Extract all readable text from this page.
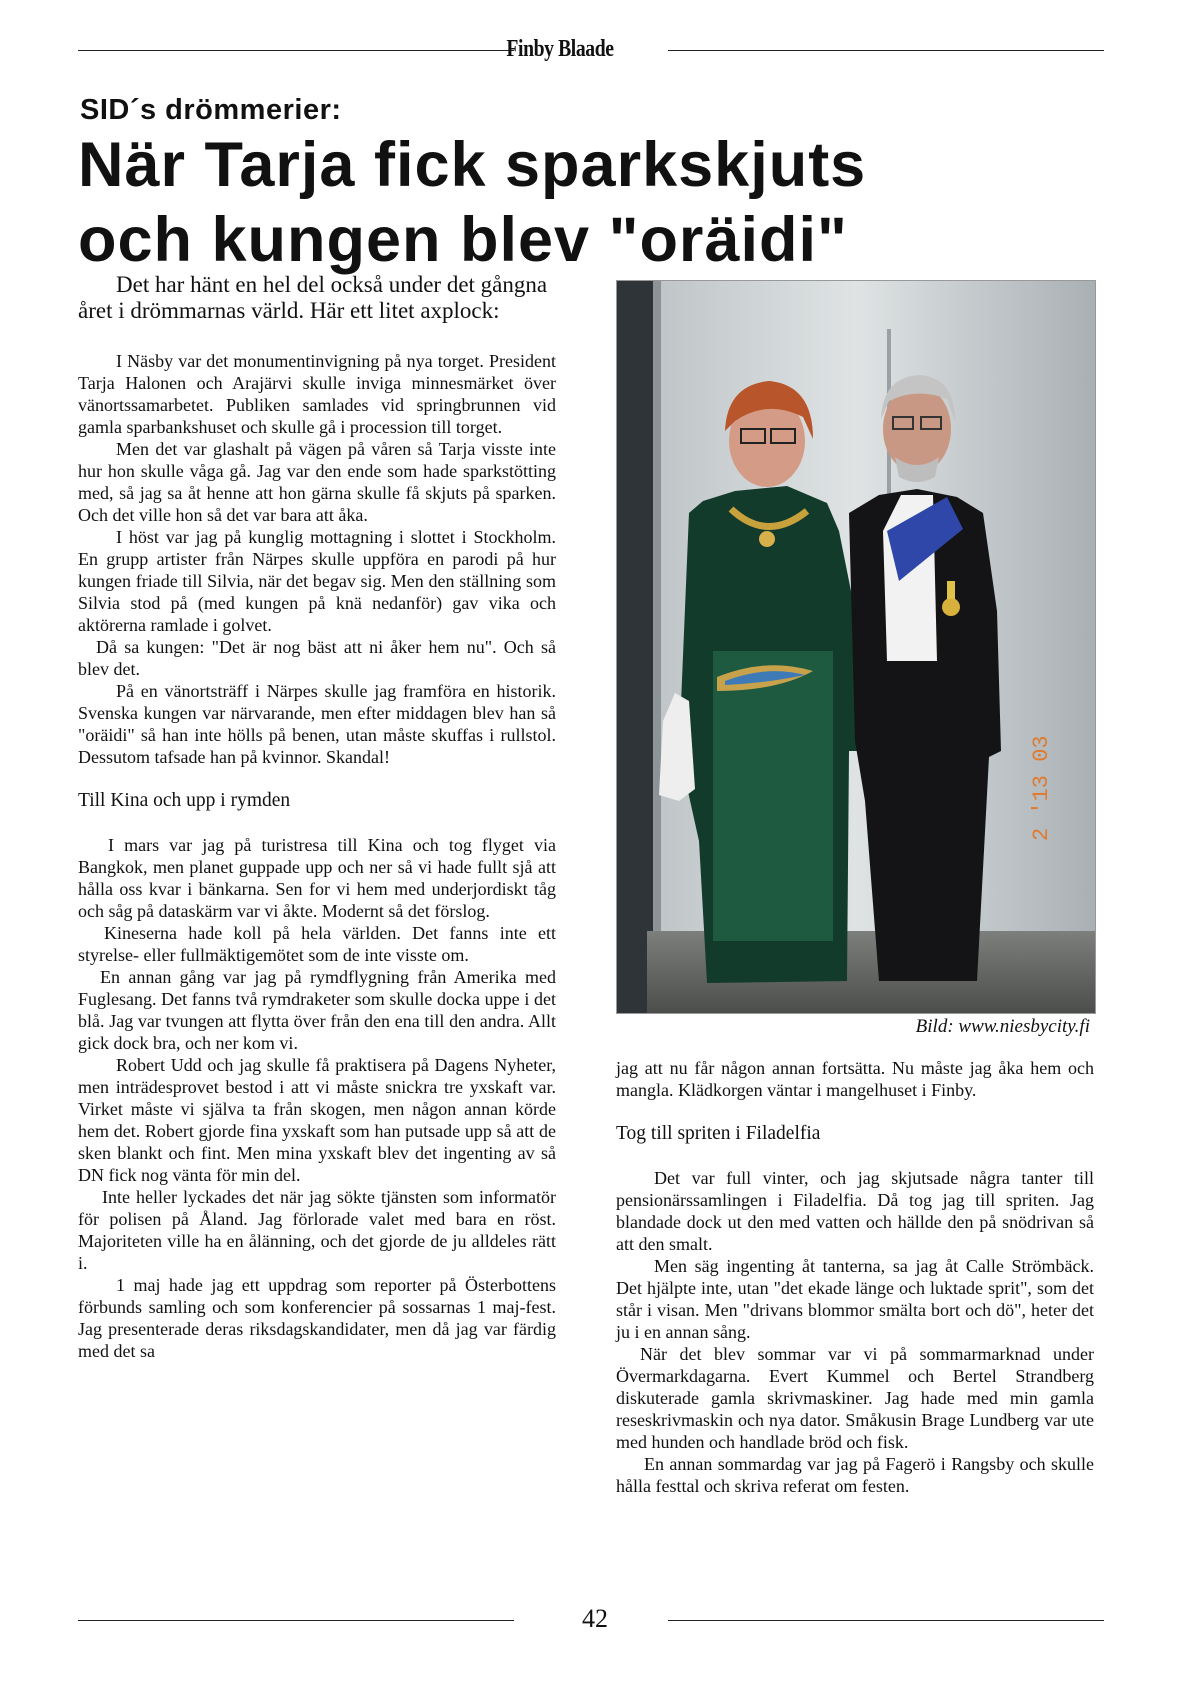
Finby Blaade
SID´s drömmerier:
När Tarja fick sparkskjuts
och kungen blev "oräidi"

Det har hänt en hel del också under det gångna året i drömmarnas värld. Här ett litet axplock:

I Näsby var det monumentinvigning på nya torget. President Tarja Halonen och Arajärvi skulle inviga minnesmärket över vänortssamarbetet. Publiken samlades vid springbrunnen vid gamla sparbankshuset och skulle gå i procession till torget.

Men det var glashalt på vägen på våren så Tarja visste inte hur hon skulle våga gå. Jag var den ende som hade sparkstötting med, så jag sa åt henne att hon gärna skulle få skjuts på sparken. Och det ville hon så det var bara att åka.

I höst var jag på kunglig mottagning i slottet i Stockholm. En grupp artister från Närpes skulle uppföra en parodi på hur kungen friade till Silvia, när det begav sig. Men den ställning som Silvia stod på (med kungen på knä nedanför) gav vika och aktörerna ramlade i golvet.

Då sa kungen: "Det är nog bäst att ni åker hem nu". Och så blev det.

På en vänortsträff i Närpes skulle jag framföra en historik. Svenska kungen var närvarande, men efter middagen blev han så "oräidi" så han inte hölls på benen, utan måste skuffas i rullstol. Dessutom tafsade han på kvinnor. Skandal!

Till Kina och upp i rymden

I mars var jag på turistresa till Kina och tog flyget via Bangkok, men planet guppade upp och ner så vi hade fullt sjå att hålla oss kvar i bänkarna. Sen for vi hem med underjordiskt tåg och såg på dataskärm var vi åkte. Modernt så det förslog.

Kineserna hade koll på hela världen. Det fanns inte ett styrelse- eller fullmäktigemötet som de inte visste om.

En annan gång var jag på rymdflygning från Amerika med Fuglesang. Det fanns två rymdraketer som skulle docka uppe i det blå. Jag var tvungen att flytta över från den ena till den andra. Allt gick dock bra, och ner kom vi.

Robert Udd och jag skulle få praktisera på Dagens Nyheter, men inträdesprovet bestod i att vi måste snickra tre yxskaft var. Virket måste vi själva ta från skogen, men någon annan körde hem det. Robert gjorde fina yxskaft som han putsade upp så att de sken blankt och fint. Men mina yxskaft blev det ingenting av så DN fick nog vänta för min del.

Inte heller lyckades det när jag sökte tjänsten som informatör för polisen på Åland. Jag förlorade valet med bara en röst. Majoriteten ville ha en ålänning, och det gjorde de ju alldeles rätt i.

1 maj hade jag ett uppdrag som reporter på Österbottens förbunds samling och som konferencier på sossarnas 1 maj-fest. Jag presenterade deras riksdagskandidater, men då jag var färdig med det sa

2 '13 03
Bild: www.niesbycity.fi

jag att nu får någon annan fortsätta. Nu måste jag åka hem och mangla. Klädkorgen väntar i mangelhuset i Finby.

Tog till spriten i Filadelfia

Det var full vinter, och jag skjutsade några tanter till pensionärssamlingen i Filadelfia. Då tog jag till spriten. Jag blandade dock ut den med vatten och hällde den på snödrivan så att den smalt.

Men säg ingenting åt tanterna, sa jag åt Calle Strömbäck. Det hjälpte inte, utan "det ekade länge och luktade sprit", som det står i visan. Men "drivans blommor smälta bort och dö", heter det ju i en annan sång.

När det blev sommar var vi på sommarmarknad under Övermarkdagarna. Evert Kummel och Bertel Strandberg diskuterade gamla skrivmaskiner. Jag hade med min gamla reseskrivmaskin och nya dator. Småkusin Brage Lundberg var ute med hunden och handlade bröd och fisk.

En annan sommardag var jag på Fagerö i Rangsby och skulle hålla festtal och skriva referat om festen.

42
